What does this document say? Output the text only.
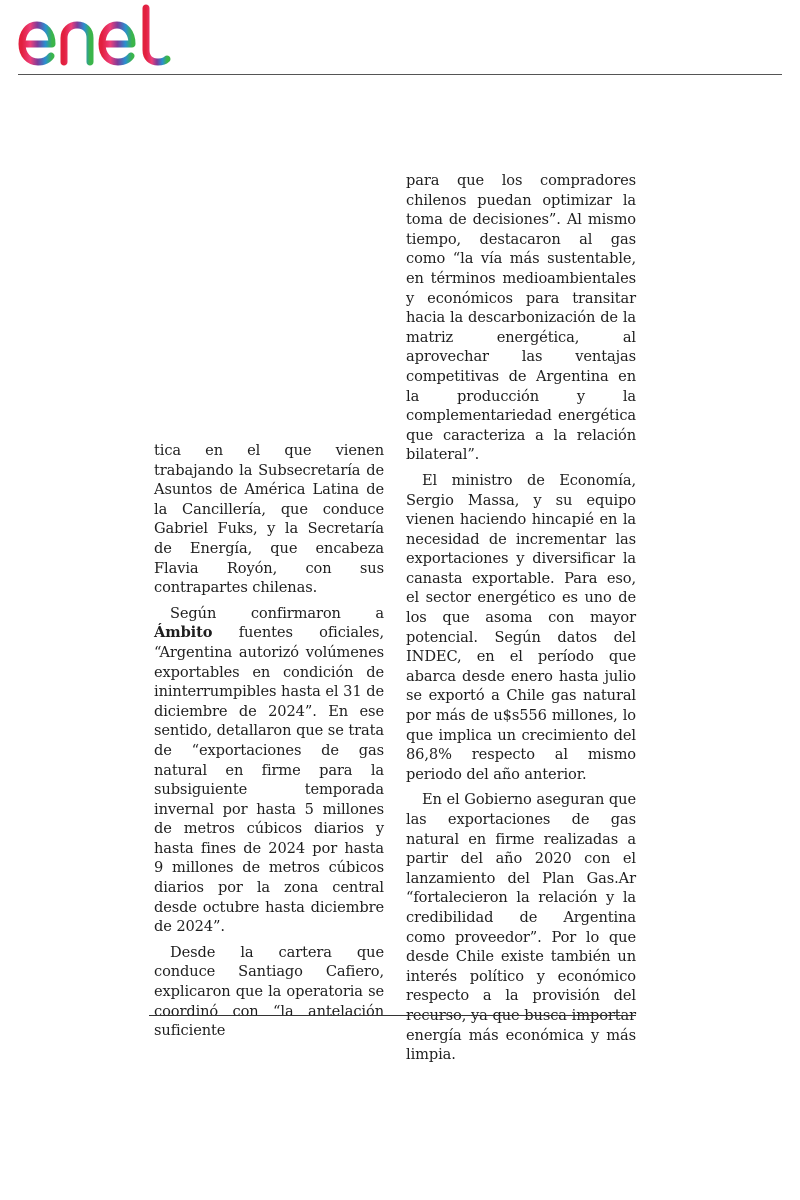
tica en el que vienen trabajando la Subsecretaría de Asuntos de América Latina de la Cancillería, que conduce Gabriel Fuks, y la Secretaría de Energía, que encabeza Flavia Royón, con sus contrapartes chilenas.

Según confirmaron a Ámbito fuentes oficiales, “Argentina autorizó volúmenes exportables en condición de ininterrumpibles hasta el 31 de diciembre de 2024”. En ese sentido, detallaron que se trata de “exportaciones de gas natural en firme para la subsiguiente temporada invernal por hasta 5 millones de metros cúbicos diarios y hasta fines de 2024 por hasta 9 millones de metros cúbicos diarios por la zona central desde octubre hasta diciembre de 2024”.

Desde la cartera que conduce Santiago Cafiero, explicaron que la operatoria se coordinó con “la antelación suficiente

para que los compradores chilenos puedan optimizar la toma de decisiones”. Al mismo tiempo, destacaron al gas como “la vía más sustentable, en términos medioambientales y económicos para transitar hacia la descarbonización de la matriz energética, al aprovechar las ventajas competitivas de Argentina en la producción y la complementariedad energética que caracteriza a la relación bilateral”.

El ministro de Economía, Sergio Massa, y su equipo vienen haciendo hincapié en la necesidad de incrementar las exportaciones y diversificar la canasta exportable. Para eso, el sector energético es uno de los que asoma con mayor potencial. Según datos del INDEC, en el período que abarca desde enero hasta julio se exportó a Chile gas natural por más de u$s556 millones, lo que implica un crecimiento del 86,8% respecto al mismo periodo del año anterior.

En el Gobierno aseguran que las exportaciones de gas natural en firme realizadas a partir del año 2020 con el lanzamiento del Plan Gas.Ar “fortalecieron la relación y la credibilidad de Argentina como proveedor”. Por lo que desde Chile existe también un interés político y económico respecto a la provisión del recurso, ya que busca importar energía más económica y más limpia.
